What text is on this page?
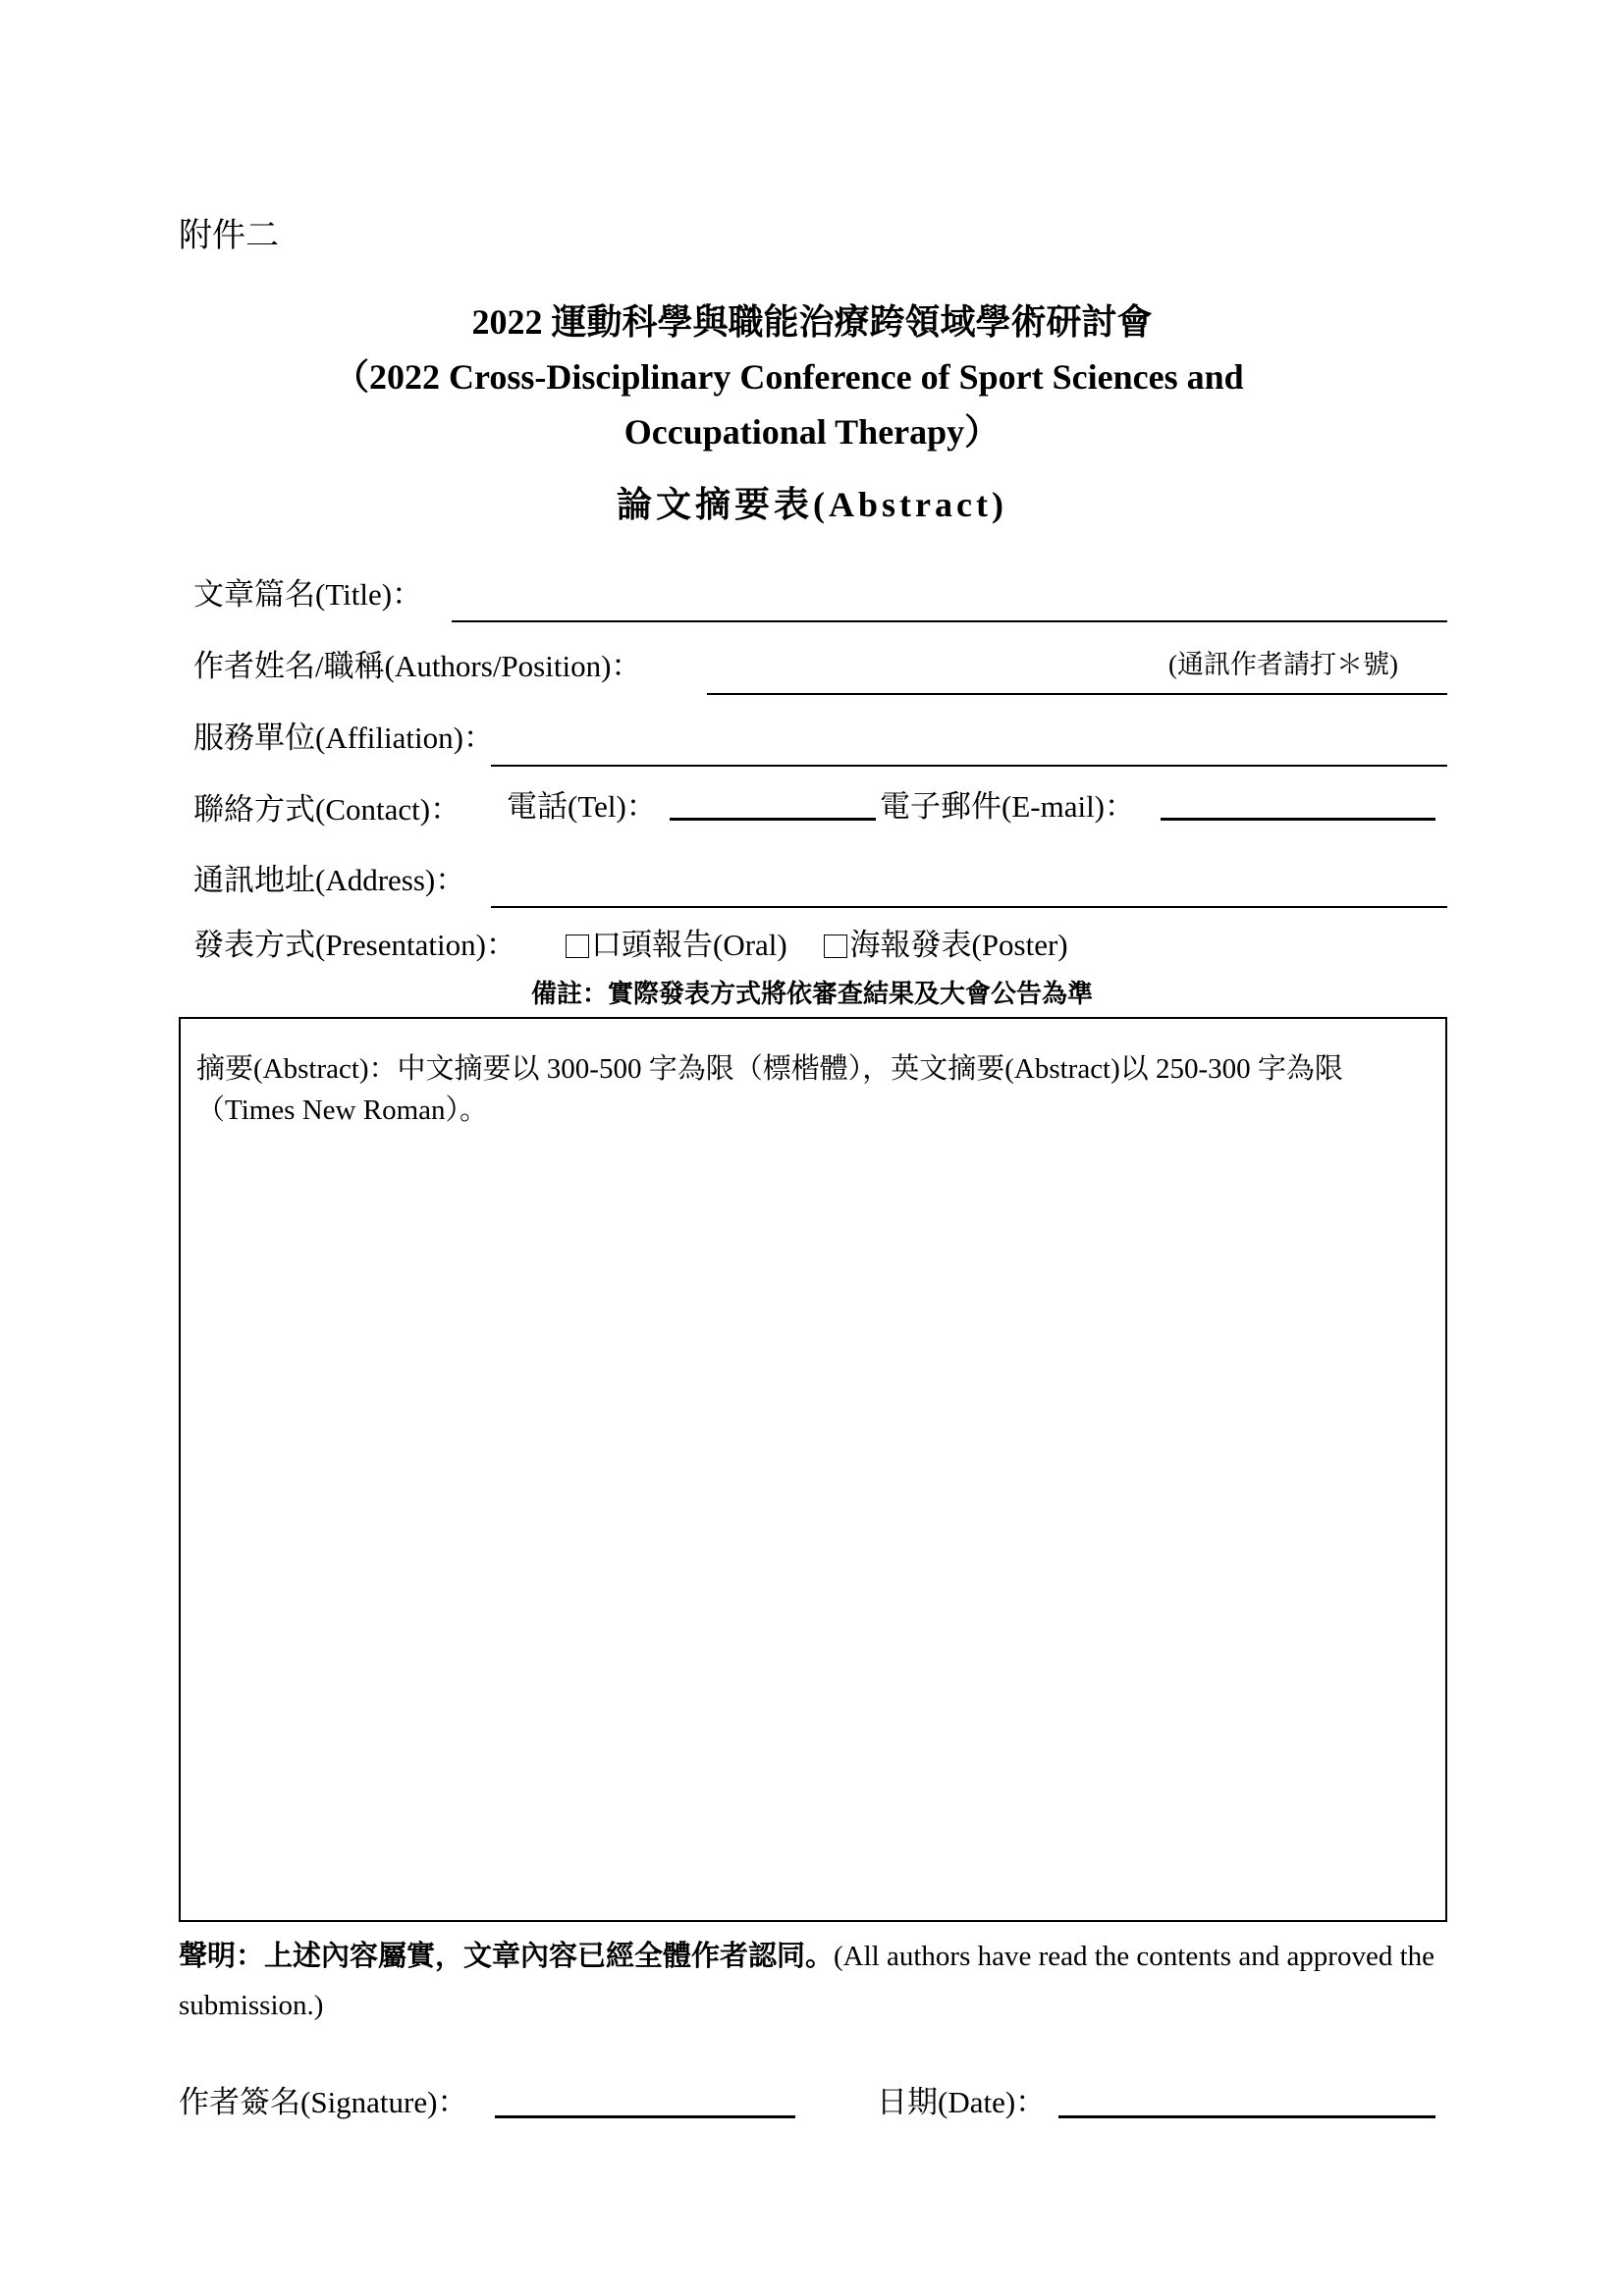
附件二
2022 運動科學與職能治療跨領域學術研討會
（2022 Cross-Disciplinary Conference of Sport Sciences and
Occupational Therapy）
論文摘要表(Abstract)
文章篇名(Title)：
作者姓名/職稱(Authors/Position)：	(通訊作者請打＊號)
服務單位(Affiliation)：
聯絡方式(Contact)： 電話(Tel)：	電子郵件(E-mail)：
通訊地址(Address)：
發表方式(Presentation)：	口頭報告(Oral) 海報發表(Poster)
備註：實際發表方式將依審查結果及大會公告為準
摘要(Abstract)：中文摘要以 300-500 字為限（標楷體），英文摘要(Abstract)以 250-300 字為限（Times New Roman）。
聲明：上述內容屬實，文章內容已經全體作者認同。(All authors have read the contents and approved the submission.)
作者簽名(Signature)：	日期(Date)：
